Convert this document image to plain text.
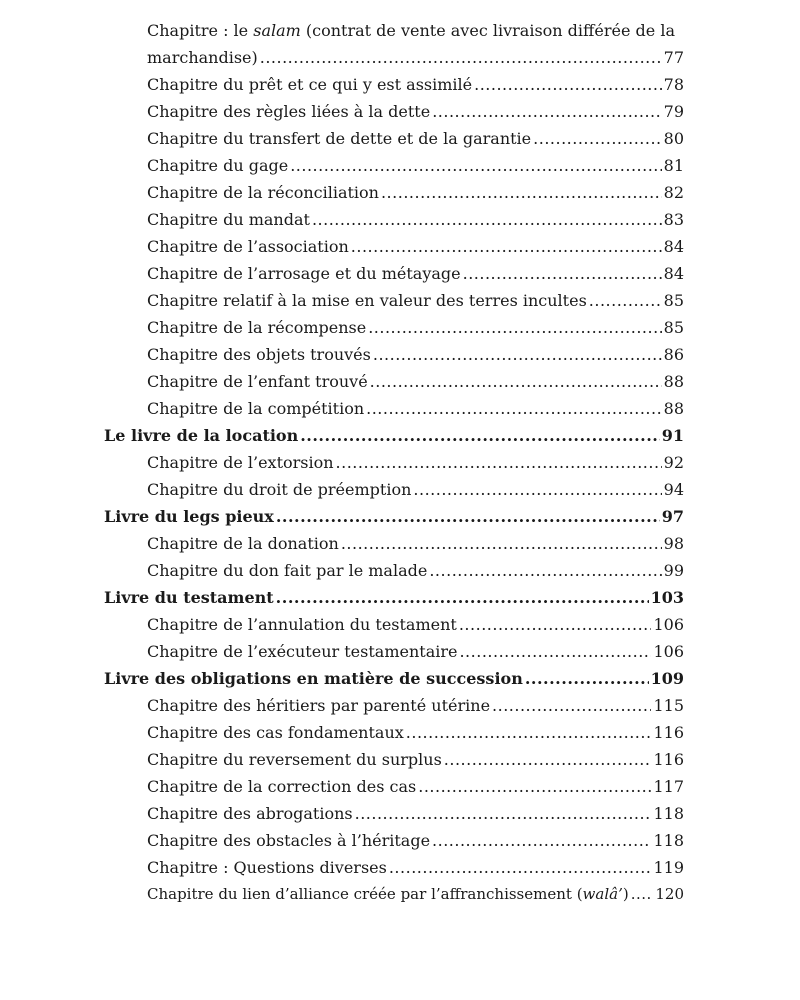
Chapitre : le salam (contrat de vente avec livraison différée de la
marchandise) .....	77
Chapitre du prêt et ce qui y est assimilé .....	78
Chapitre des règles liées à la dette .....	79
Chapitre du transfert de dette et de la garantie .....	80
Chapitre du gage .....	81
Chapitre de la réconciliation .....	82
Chapitre du mandat .....	83
Chapitre de l’association .....	84
Chapitre de l’arrosage et du métayage .....	84
Chapitre relatif à la mise en valeur des terres incultes .....	85
Chapitre de la récompense .....	85
Chapitre des objets trouvés .....	86
Chapitre de l’enfant trouvé .....	88
Chapitre de la compétition .....	88
Le livre de la location .....	91
Chapitre de l’extorsion .....	92
Chapitre du droit de préemption .....	94
Livre du legs pieux .....	97
Chapitre de la donation .....	98
Chapitre du don fait par le malade .....	99
Livre du testament .....	103
Chapitre de l’annulation du testament .....	106
Chapitre de l’exécuteur testamentaire .....	106
Livre des obligations en matière de succession .....	109
Chapitre des héritiers par parenté utérine .....	115
Chapitre des cas fondamentaux .....	116
Chapitre du reversement du surplus .....	116
Chapitre de la correction des cas .....	117
Chapitre des abrogations .....	118
Chapitre des obstacles à l’héritage .....	118
Chapitre : Questions diverses .....	119
Chapitre du lien d’alliance créée par l’affranchissement (walâ’) ..... 120
